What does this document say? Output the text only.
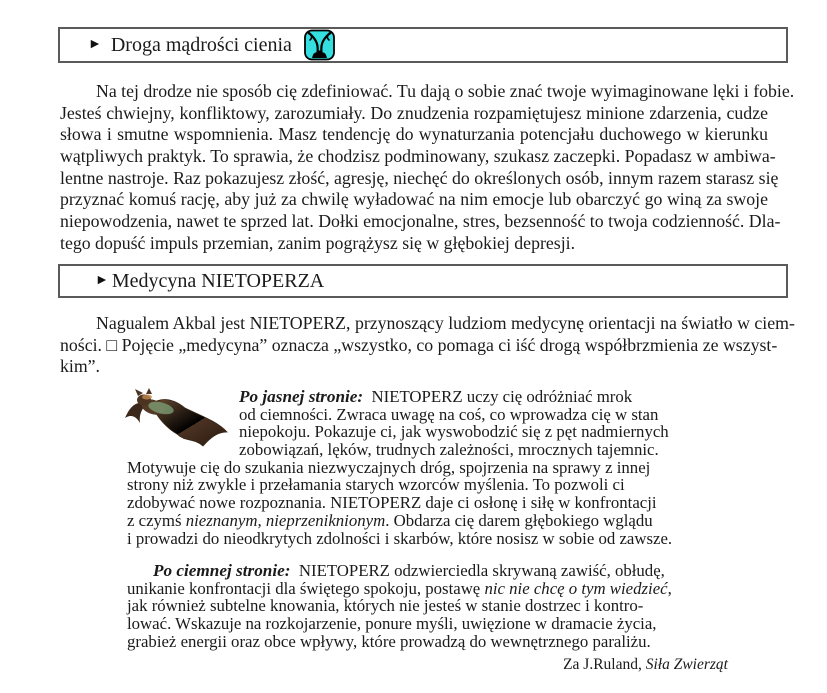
► Droga mądrości cienia
Na tej drodze nie sposób cię zdefiniować. Tu dają o sobie znać twoje wyimaginowane lęki i fobie.
Jesteś chwiejny, konfliktowy, zarozumiały. Do znudzenia rozpamiętujesz minione zdarzenia, cudze
słowa i smutne wspomnienia. Masz tendencję do wynaturzania potencjału duchowego w kierunku
wątpliwych praktyk. To sprawia, że chodzisz podminowany, szukasz zaczepki. Popadasz w ambiwa-
lentne nastroje. Raz pokazujesz złość, agresję, niechęć do określonych osób, innym razem starasz się
przyznać komuś rację, aby już za chwilę wyładować na nim emocje lub obarczyć go winą za swoje
niepowodzenia, nawet te sprzed lat. Dołki emocjonalne, stres, bezsenność to twoja codzienność. Dla-
tego dopuść impuls przemian, zanim pogrążysz się w głębokiej depresji.
► Medycyna NIETOPERZA
Nagualem Akbal jest NIETOPERZ, przynoszący ludziom medycynę orientacji na światło w ciem-
ności. □ Pojęcie „medycyna” oznacza „wszystko, co pomaga ci iść drogą współbrzmienia ze wszyst-
kim”.
Po jasnej stronie:  NIETOPERZ uczy cię odróżniać mrok
od ciemności. Zwraca uwagę na coś, co wprowadza cię w stan
niepokoju. Pokazuje ci, jak wyswobodzić się z pęt nadmiernych
zobowiązań, lęków, trudnych zależności, mrocznych tajemnic.
Motywuje cię do szukania niezwyczajnych dróg, spojrzenia na sprawy z innej
strony niż zwykle i przełamania starych wzorców myślenia. To pozwoli ci
zdobywać nowe rozpoznania. NIETOPERZ daje ci osłonę i siłę w konfrontacji
z czymś nieznanym, nieprzeniknionym. Obdarza cię darem głębokiego wglądu
i prowadzi do nieodkrytych zdolności i skarbów, które nosisz w sobie od zawsze.
Po ciemnej stronie:  NIETOPERZ odzwierciedla skrywaną zawiść, obłudę,
unikanie konfrontacji dla świętego spokoju, postawę nic nie chcę o tym wiedzieć,
jak również subtelne knowania, których nie jesteś w stanie dostrzec i kontro-
lować. Wskazuje na rozkojarzenie, ponure myśli, uwięzione w dramacie życia,
grabież energii oraz obce wpływy, które prowadzą do wewnętrznego paraliżu.
Za J.Ruland, Siła Zwierząt
